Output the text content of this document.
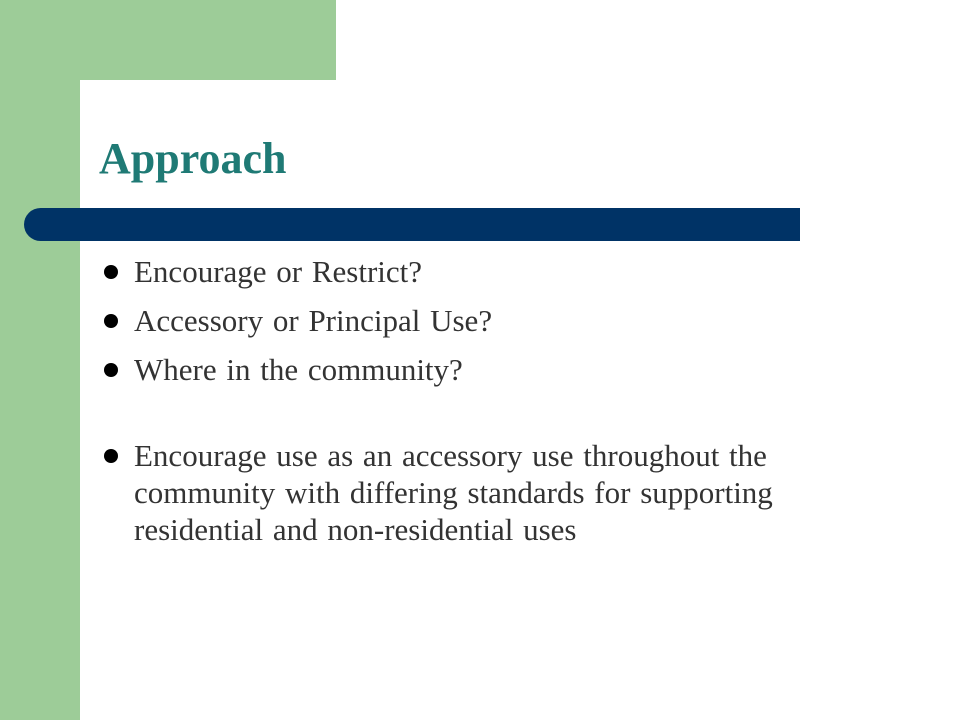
Approach
Encourage or Restrict?
Accessory or Principal Use?
Where in the community?
Encourage use as an accessory use throughout the community with differing standards for supporting residential and non-residential uses
